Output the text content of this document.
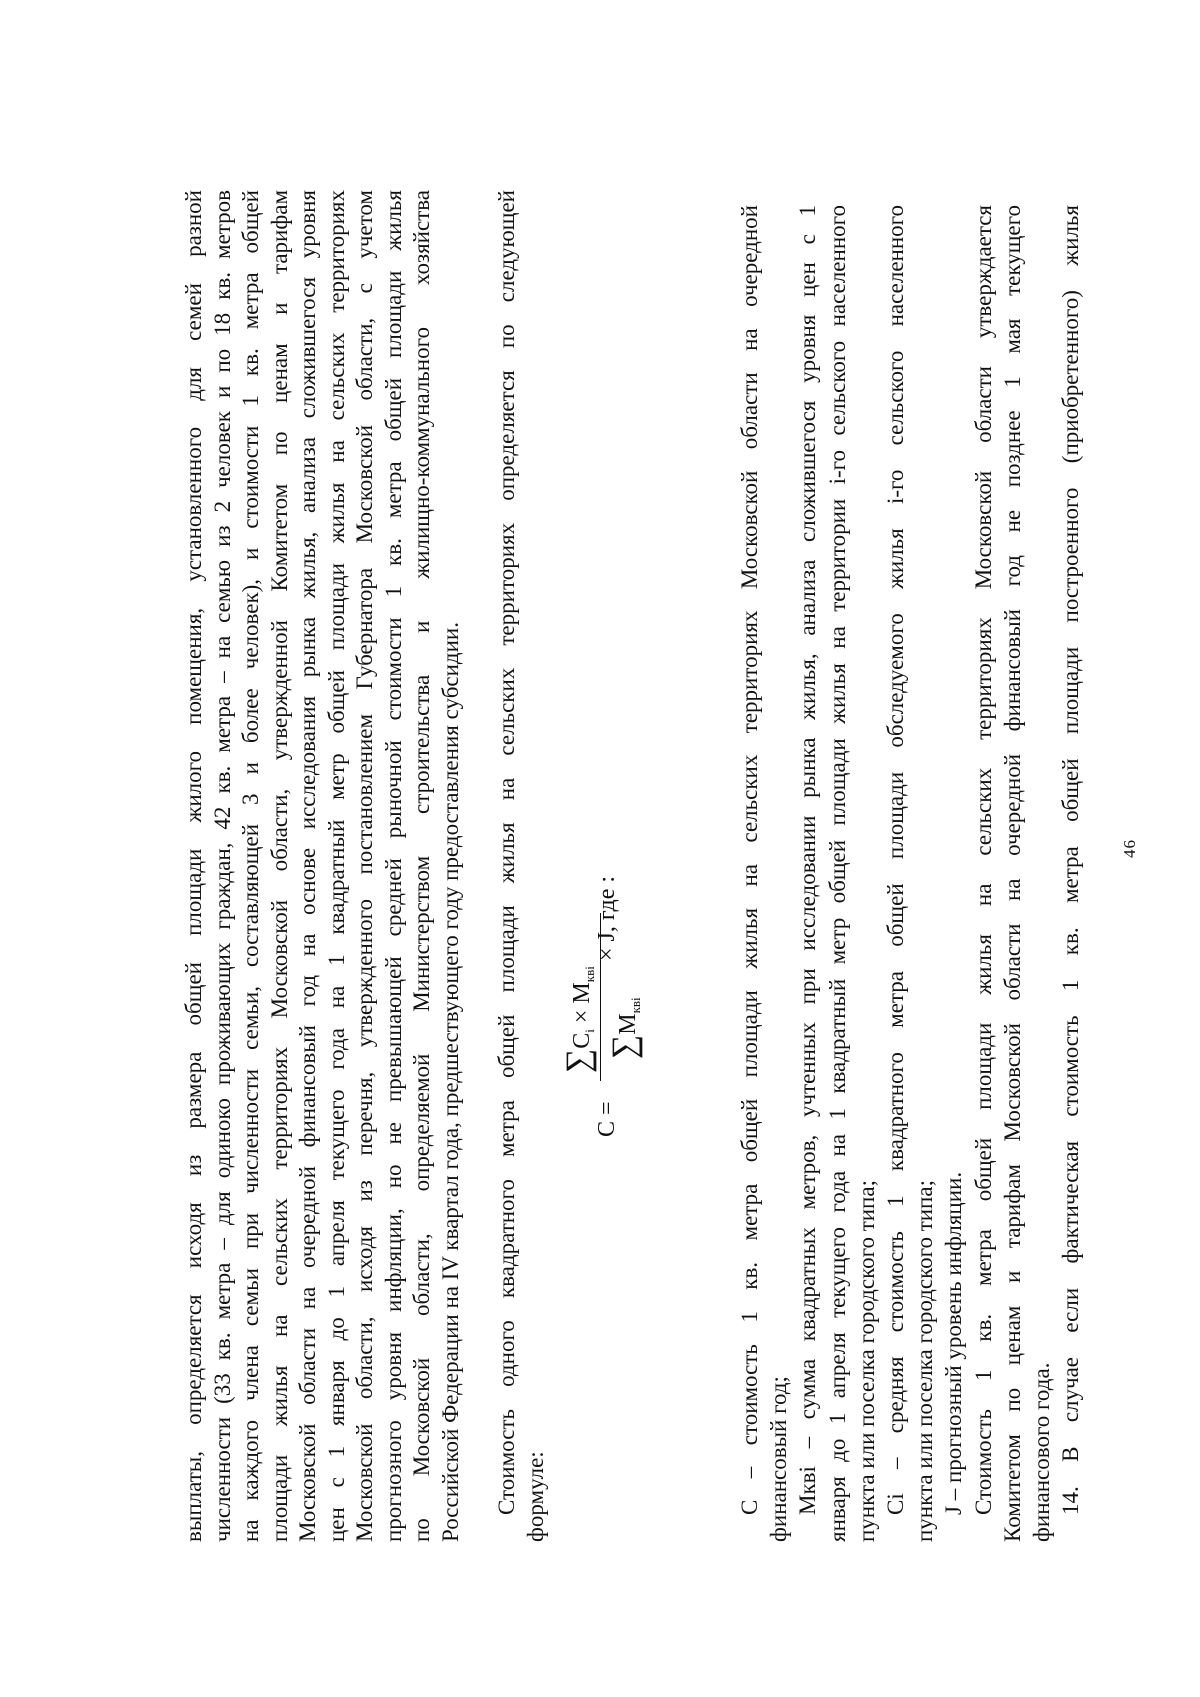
46
выплаты, определяется исходя из размера общей площади жилого помещения, установленного для семей разной численности (33 кв. метра – для одиноко проживающих граждан, 42 кв. метра – на семью из 2 человек и по 18 кв. метров на каждого члена семьи при численности семьи, составляющей 3 и более человек), и стоимости 1 кв. метра общей площади жилья на сельских территориях Московской области, утвержденной Комитетом по ценам и тарифам Московской области на очередной финансовый год на основе исследования рынка жилья, анализа сложившегося уровня цен с 1 января до 1 апреля текущего года на 1 квадратный метр общей площади жилья на сельских территориях Московской области, исходя из перечня, утвержденного постановлением Губернатора Московской области, с учетом прогнозного уровня инфляции, но не превышающей средней рыночной стоимости 1 кв. метра общей площади жилья по Московской области, определяемой Министерством строительства и жилищно-коммунального хозяйства Российской Федерации на IV квартал года, предшествующего году предоставления субсидии. Стоимость одного квадратного метра общей площади жилья на сельских территориях определяется по следующей формуле:
C =
$\sum C_i \times M_{квi}$
$\sum M_{квi}$
× J, где :	С – стоимость 1 кв. метра общей площади жилья на сельских территориях Московской области на очередной финансовый год; Мквi – сумма квадратных метров, учтенных при исследовании рынка жилья, анализа сложившегося уровня цен с 1 января до 1 апреля текущего года на 1 квадратный метр общей площади жилья на территории i-го сельского населенного пункта или поселка городского типа; Сi – средняя стоимость 1 квадратного метра общей площади обследуемого жилья i-го сельского населенного пункта или поселка городского типа; J – прогнозный уровень инфляции. Стоимость 1 кв. метра общей площади жилья на сельских территориях Московской области утверждается Комитетом по ценам и тарифам Московской области на очередной финансовый год не позднее 1 мая текущего финансового года. 14. В случае если фактическая стоимость 1 кв. метра общей площади построенного (приобретенного) жилья
